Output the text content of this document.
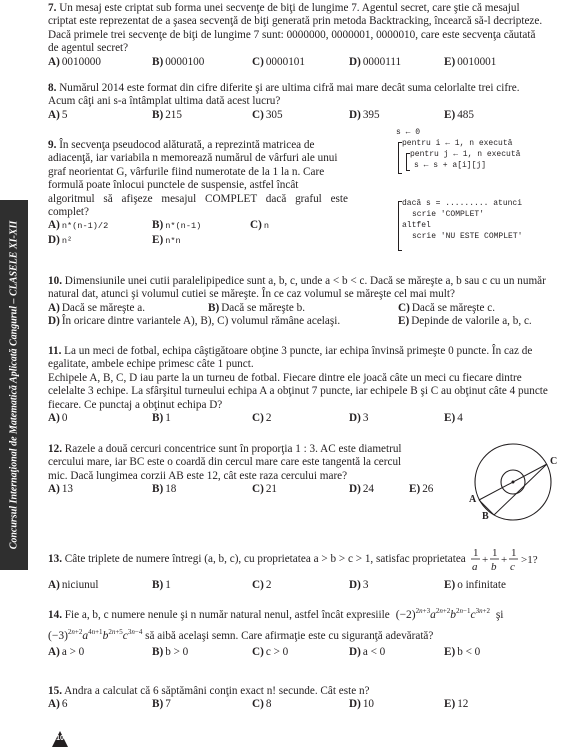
Concursul Internaţional de Matematică Aplicată Cangurul – CLASELE XI-XII
7. Un mesaj este criptat sub forma unei secvenţe de biţi de lungime 7. Agentul secret, care ştie că mesajul
criptat este reprezentat de a şasea secvenţă de biţi generată prin metoda Backtracking, încearcă să-l decripteze.
Dacă primele trei secvenţe de biţi de lungime 7 sunt: 0000000, 0000001, 0000010, care este secvenţa căutată
de agentul secret?
A) 0010000	B) 0000100	C) 0000101	D) 0000111	E) 0010001
8. Numărul 2014 este format din cifre diferite şi are ultima cifră mai mare decât suma celorlalte trei cifre.
Acum câţi ani s-a întâmplat ultima dată acest lucru?
A) 5	B) 215	C) 305	D) 395	E) 485
9. În secvenţa pseudocod alăturată, a reprezintă matricea de
adiacenţă, iar variabila n memorează numărul de vârfuri ale unui
graf neorientat G, vârfurile fiind numerotate de la 1 la n. Care
formulă poate înlocui punctele de suspensie, astfel încât
algoritmul să afişeze mesajul COMPLET dacă graful este complet?
A) n*(n-1)/2	B) n*(n-1)	C) n
D) n²	E) n*n

s ← 0

pentru i ← 1, n execută

pentru j ← 1, n execută

s ← s + a[i][j]

dacă s = ......... atunci

scrie 'COMPLET'

altfel

scrie 'NU ESTE COMPLET'

10. Dimensiunile unei cutii paralelipipedice sunt a, b, c, unde a < b < c. Dacă se măreşte a, b sau c cu un număr
natural dat, atunci şi volumul cutiei se măreşte. În ce caz volumul se măreşte cel mai mult?
A) Dacă se măreşte a.	B) Dacă se măreşte b.	C) Dacă se măreşte c.
D) În oricare dintre variantele A), B), C) volumul rămâne acelaşi.	E) Depinde de valorile a, b, c.
11. La un meci de fotbal, echipa câştigătoare obţine 3 puncte, iar echipa învinsă primeşte 0 puncte. În caz de
egalitate, ambele echipe primesc câte 1 punct.
Echipele A, B, C, D iau parte la un turneu de fotbal. Fiecare dintre ele joacă câte un meci cu fiecare dintre
celelalte 3 echipe. La sfârşitul turneului echipa A a obţinut 7 puncte, iar echipele B şi C au obţinut câte 4 puncte
fiecare. Ce punctaj a obţinut echipa D?
A) 0	B) 1	C) 2	D) 3	E) 4
12. Razele a două cercuri concentrice sunt în proporţia 1 : 3. AC este diametrul
cercului mare, iar BC este o coardă din cercul mare care este tangentă la cercul
mic. Dacă lungimea corzii AB este 12, cât este raza cercului mare?
A) 13	B) 18	C) 21	D) 24	E) 26
C
A
B
13.
Câte triplete de numere întregi (a, b, c), cu proprietatea a > b > c > 1, satisfac proprietatea
1
a
+
1
b
+
1
c
>1?
A) niciunul	B) 1	C) 2	D) 3	E) o infinitate
14.
Fie a, b, c numere nenule şi n număr natural nenul, astfel încât expresiile $(-2)^{2n+3}a^{2n+2}b^{2n-1}c^{3n+2}$  şi
$(-3)^{2n+2}a^{4n+1}b^{2n+5}c^{3n-4}$
să aibă acelaşi semn. Care afirmaţie este cu siguranţă adevărată?
A) a > 0	B) b > 0	C) c > 0	D) a < 0	E) b < 0
15. Andra a calculat că 6 săptămâni conţin exact n! secunde. Cât este n?
A) 6	B) 7	C) 8	D) 10	E) 12
10
